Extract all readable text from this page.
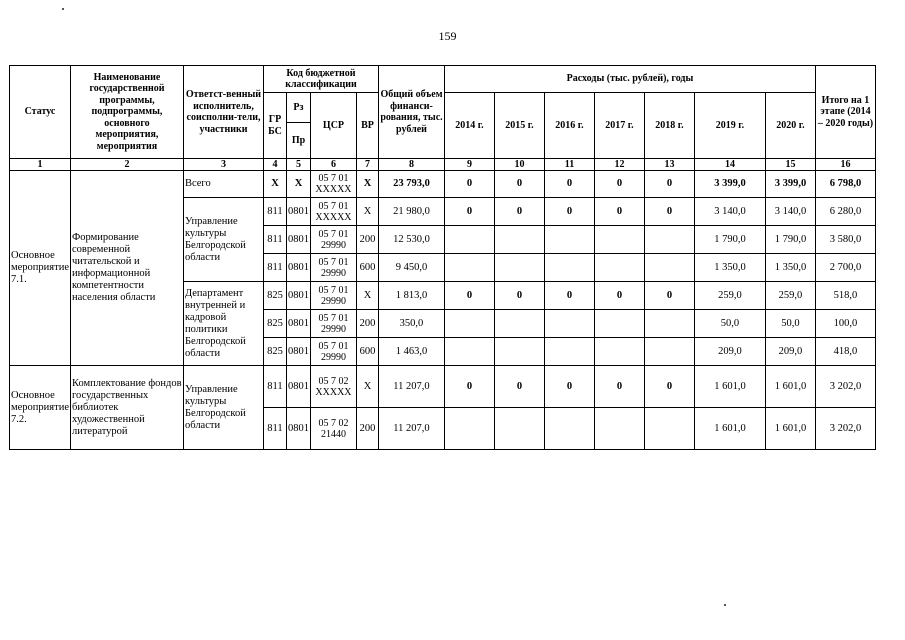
159
Статус	Наименование государственной программы, подпрограммы, основного мероприятия, мероприятия	Ответст-венный исполнитель, соисполни-тели, участники	Код бюджетной классификации				Общий объем финанси-рования, тыс. рублей	Расходы (тыс. рублей), годы							Итого на 1 этапе (2014 – 2020 годы)
			ГР БС	Рз	ЦСР	ВР		2014 г.	2015 г.	2016 г.	2017 г.	2018 г.	2019 г.	2020 г.	
				Пр											
1	2	3	4	5	6	7	8	9	10	11	12	13	14	15	16
Основное мероприятие 7.1.	Формирование современной читательской и информационной компетентности населения области	Всего	Х	Х	05 7 01 ХХХХХ	Х	23 793,0	0	0	0	0	0	3 399,0	3 399,0	6 798,0
		Управление культуры Белгородской области	811	0801	05 7 01 ХХХХХ	Х	21 980,0	0	0	0	0	0	3 140,0	3 140,0	6 280,0
			811	0801	05 7 01 29990	200	12 530,0						1 790,0	1 790,0	3 580,0
			811	0801	05 7 01 29990	600	9 450,0						1 350,0	1 350,0	2 700,0
		Департамент внутренней и кадровой политики Белгородской области	825	0801	05 7 01 29990	Х	1 813,0	0	0	0	0	0	259,0	259,0	518,0
			825	0801	05 7 01 29990	200	350,0						50,0	50,0	100,0
			825	0801	05 7 01 29990	600	1 463,0						209,0	209,0	418,0
Основное мероприятие 7.2.	Комплектование фондов государственных библиотек художественной литературой	Управление культуры Белгородской области	811	0801	05 7 02 ХХХХХ	Х	11 207,0	0	0	0	0	0	1 601,0	1 601,0	3 202,0
			811	0801	05 7 02 21440	200	11 207,0						1 601,0	1 601,0	3 202,0
